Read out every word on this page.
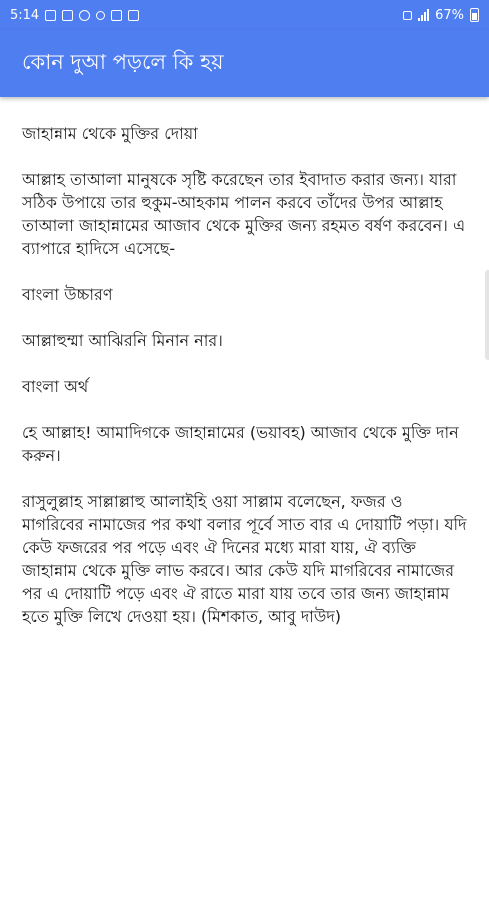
5:14	67%
কোন দুআ পড়লে কি হয়

জাহান্নাম থেকে মুক্তির দোয়া

আল্লাহ তাআলা মানুষকে সৃষ্টি করেছেন তার ইবাদাত করার জন্য। যারা সঠিক উপায়ে তার হুকুম-আহকাম পালন করবে তাঁদের উপর আল্লাহ তাআলা জাহান্নামের আজাব থেকে মুক্তির জন্য রহমত বর্ষণ করবেন। এ ব্যাপারে হাদিসে এসেছে-

বাংলা উচ্চারণ

আল্লাহুম্মা আঝিরনি মিনান নার।

বাংলা অর্থ

হে আল্লাহ! আমাদিগকে জাহান্নামের (ভয়াবহ) আজাব থেকে মুক্তি দান করুন।

রাসুলুল্লাহ সাল্লাল্লাহু আলাইহি ওয়া সাল্লাম বলেছেন, ফজর ও মাগরিবের নামাজের পর কথা বলার পূর্বে সাত বার এ দোয়াটি পড়া। যদি কেউ ফজরের পর পড়ে এবং ঐ দিনের মধ্যে মারা যায়, ঐ ব্যক্তি জাহান্নাম থেকে মুক্তি লাভ করবে। আর কেউ যদি মাগরিবের নামাজের পর এ দোয়াটি পড়ে এবং ঐ রাতে মারা যায় তবে তার জন্য জাহান্নাম হতে মুক্তি লিখে দেওয়া হয়। (মিশকাত, আবু দাউদ)
